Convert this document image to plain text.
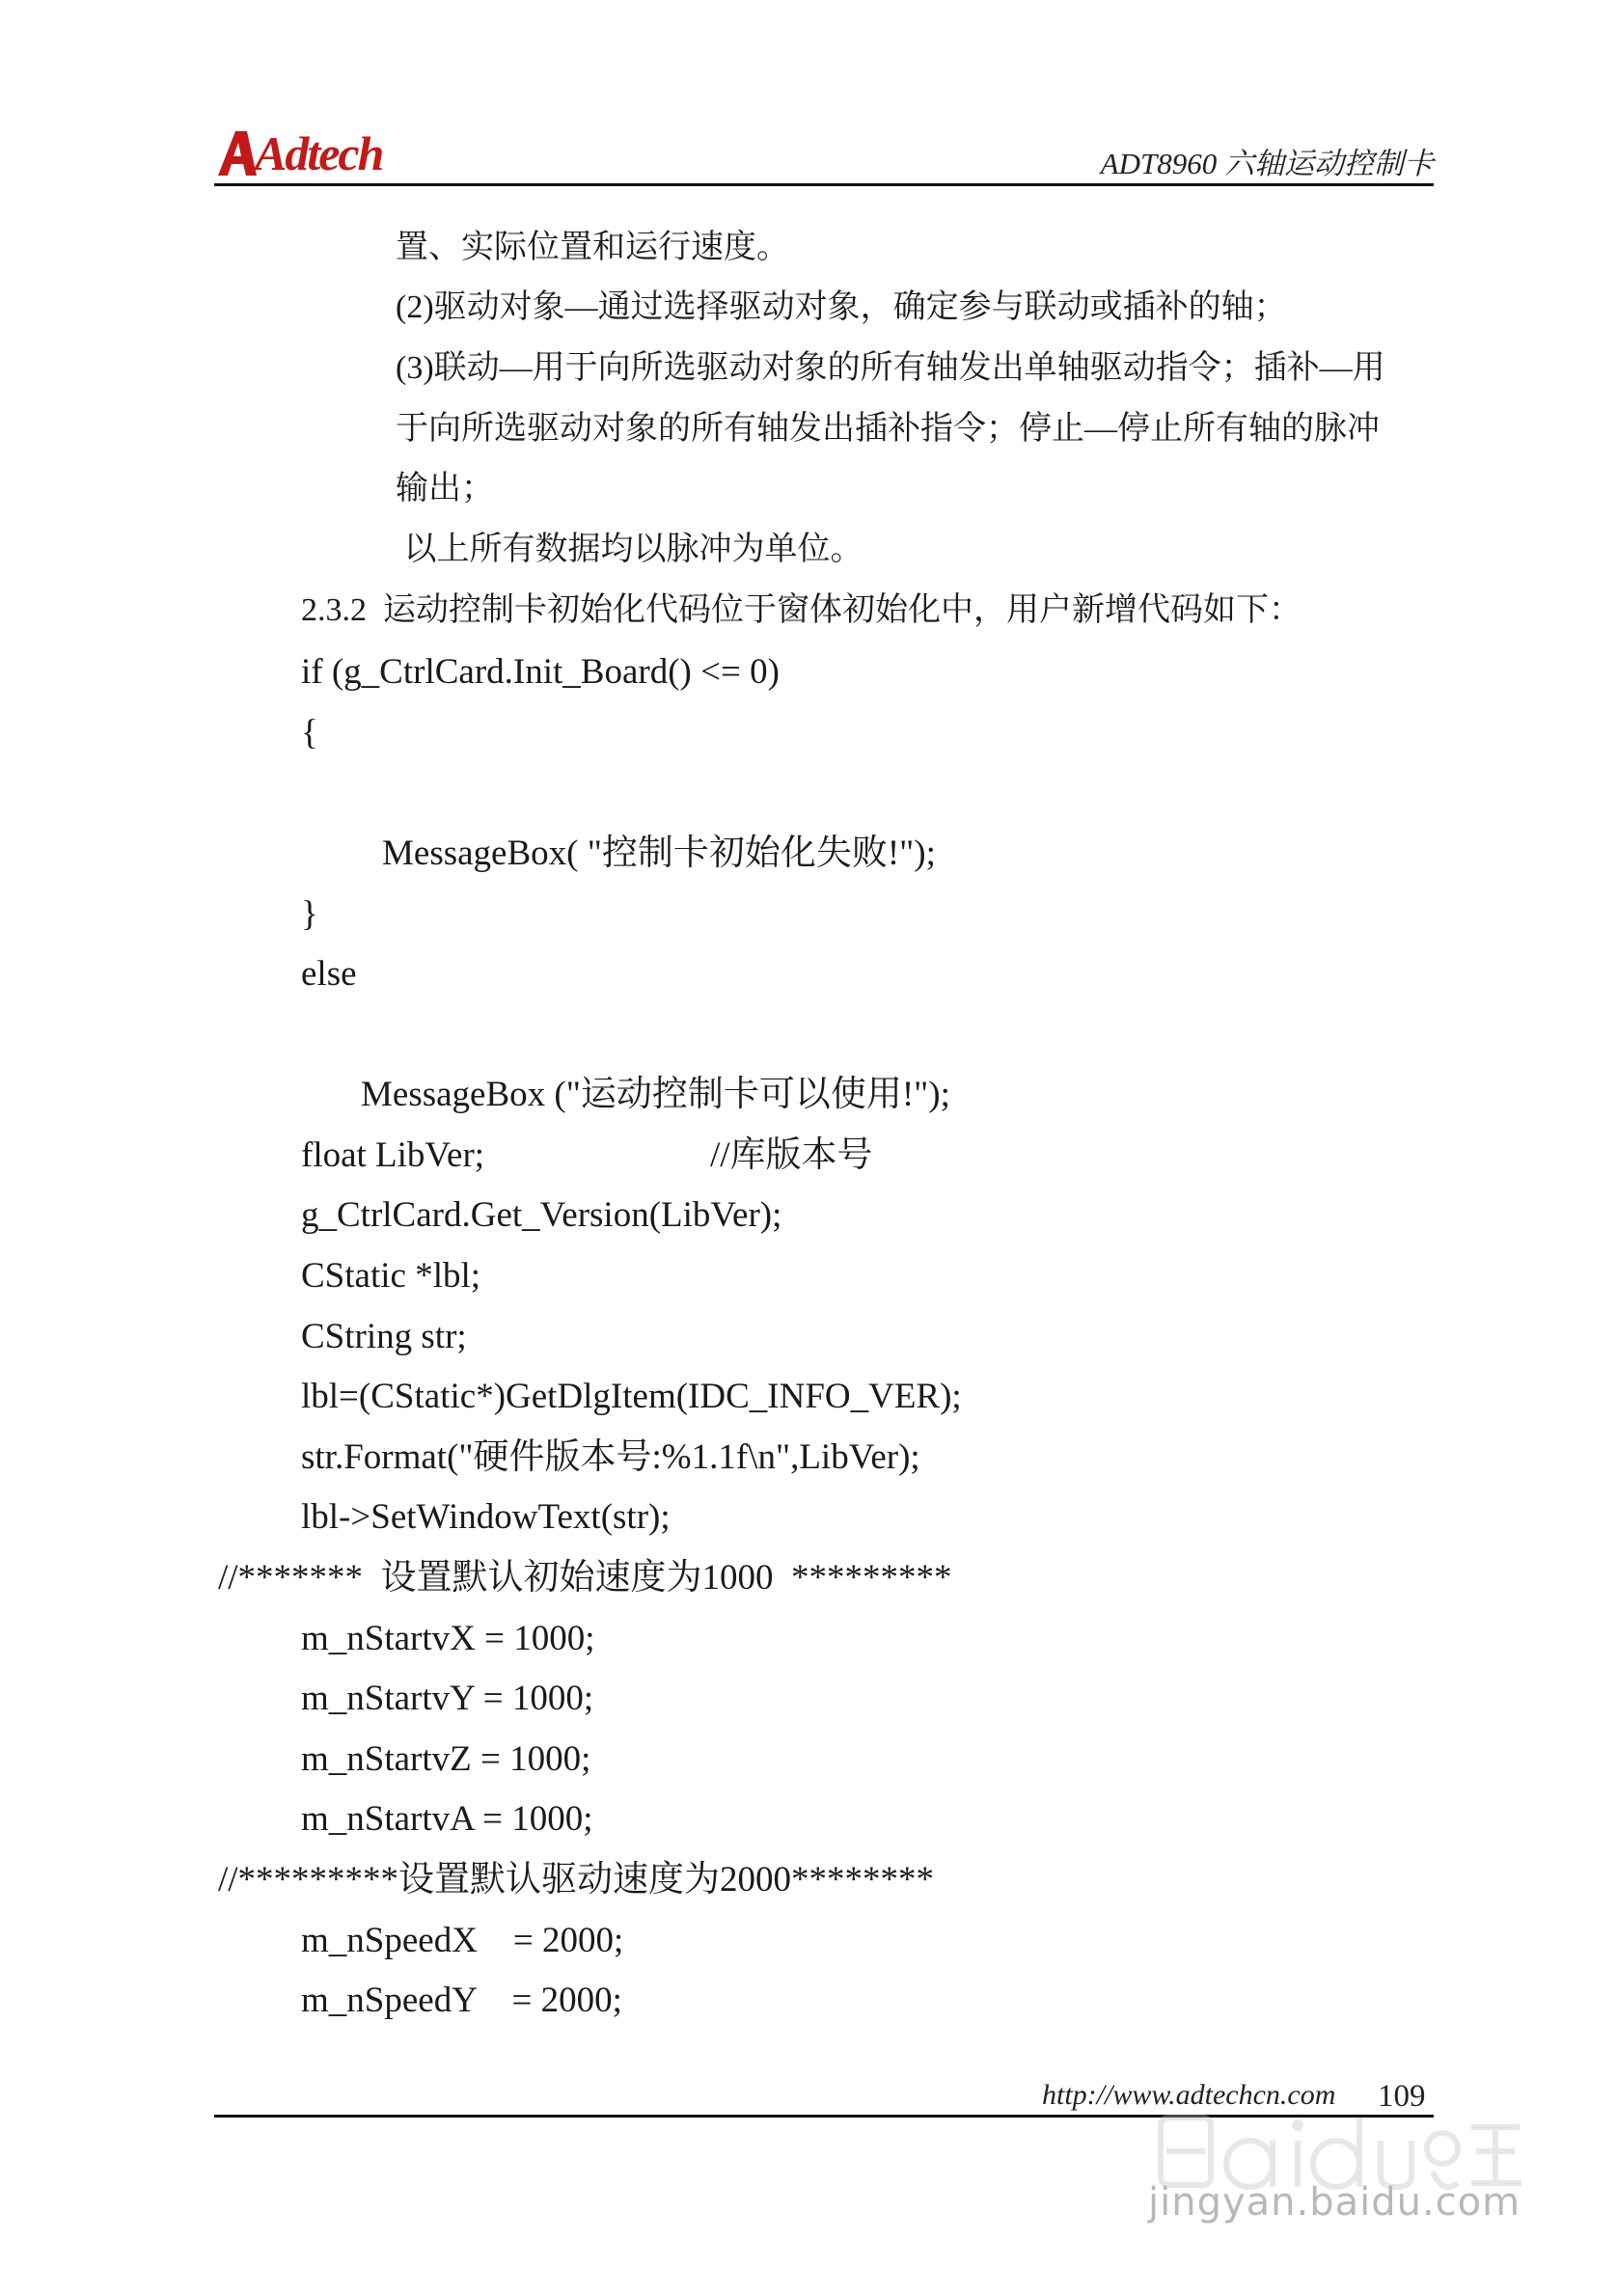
Adtech	ADT8960 六轴运动控制卡
置、实际位置和运行速度。
(2)驱动对象—通过选择驱动对象，确定参与联动或插补的轴；
(3)联动—用于向所选驱动对象的所有轴发出单轴驱动指令；插补—用
于向所选驱动对象的所有轴发出插补指令；停止—停止所有轴的脉冲
输出；
以上所有数据均以脉冲为单位。
2.3.2  运动控制卡初始化代码位于窗体初始化中，用户新增代码如下：
if (g_CtrlCard.Init_Board() <= 0)
{
MessageBox( "控制卡初始化失败!");
}
else
MessageBox ("运动控制卡可以使用!");
float LibVer;	//库版本号
g_CtrlCard.Get_Version(LibVer);
CStatic *lbl;
CString str;
lbl=(CStatic*)GetDlgItem(IDC_INFO_VER);
str.Format("硬件版本号:%1.1f\n",LibVer);
lbl->SetWindowText(str);
//*******  设置默认初始速度为1000  *********
m_nStartvX = 1000;
m_nStartvY = 1000;
m_nStartvZ = 1000;
m_nStartvA = 1000;
//*********设置默认驱动速度为2000********
m_nSpeedX    = 2000;
m_nSpeedY    = 2000;
http://www.adtechcn.com 109
jingyan.baidu.com
